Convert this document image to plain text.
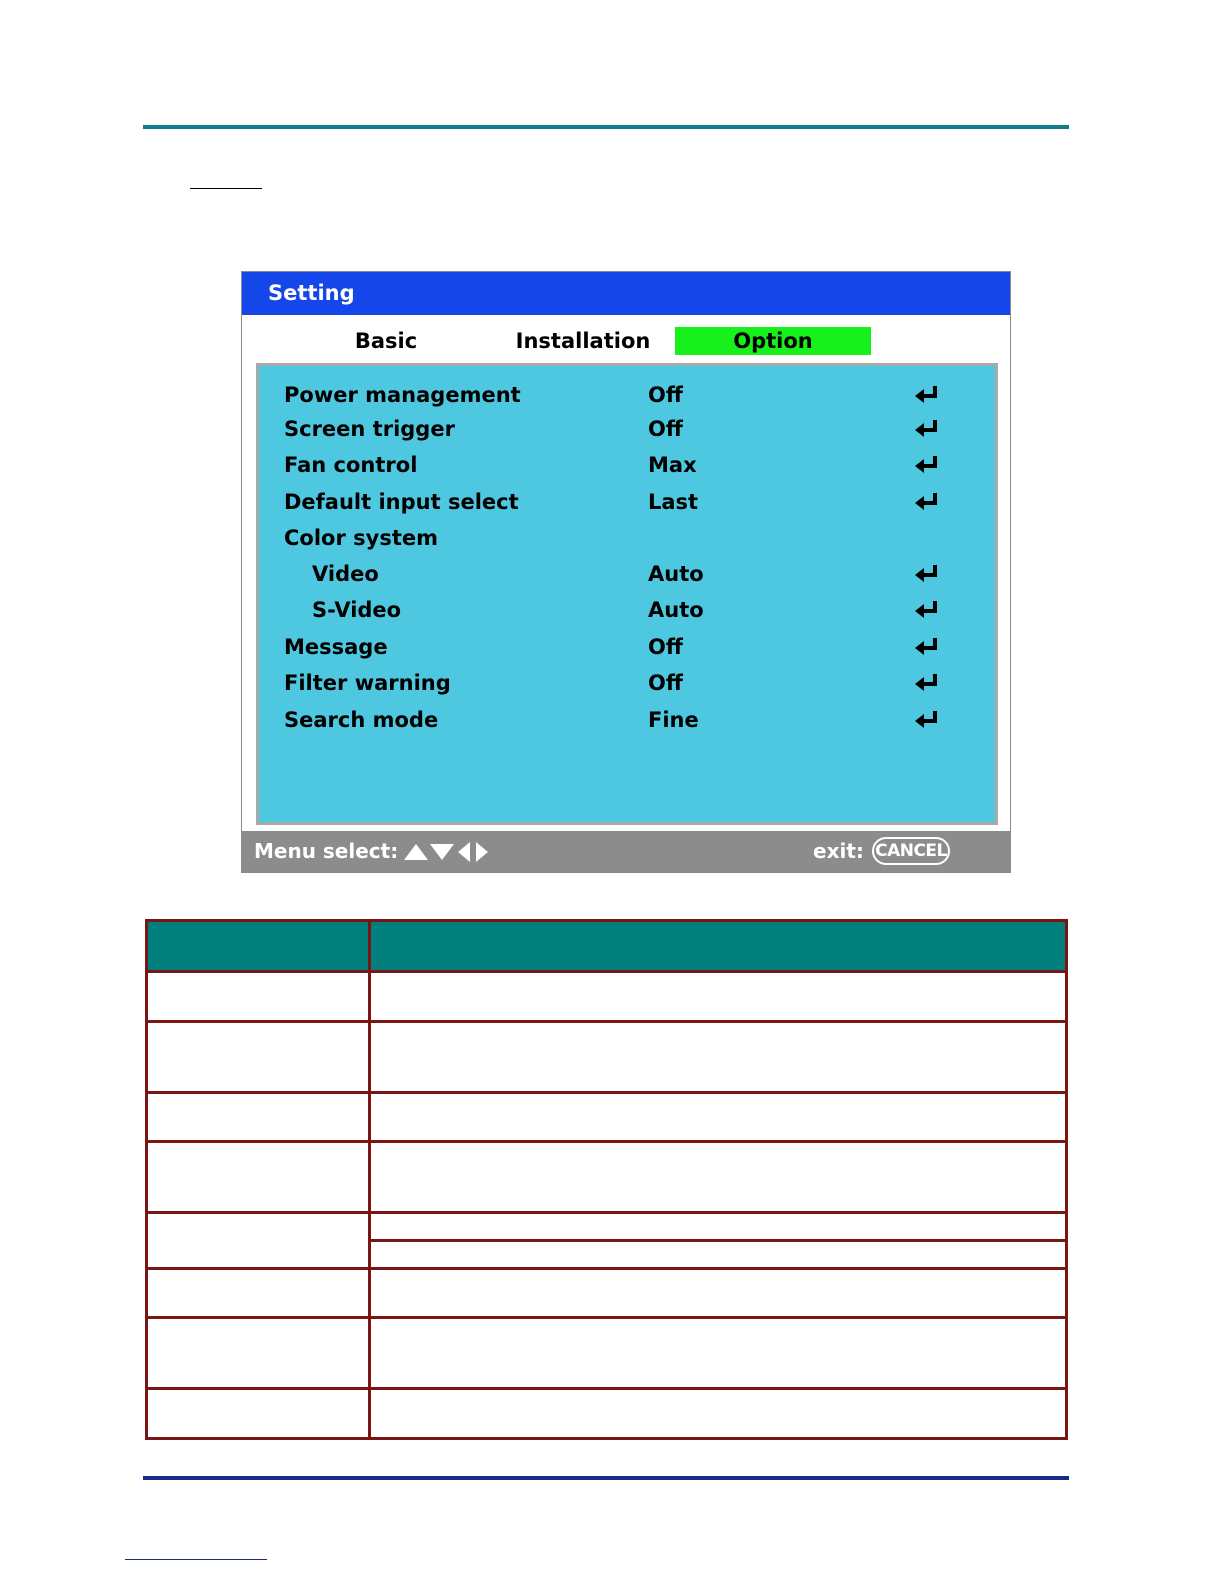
Setting
Basic	Installation	Option
Power management	Off
Screen trigger	Off
Fan control	Max
Default input select	Last
Color system
Video	Auto
S-Video	Auto
Message	Off
Filter warning	Off
Search mode	Fine
Menu select:	exit: CANCEL
